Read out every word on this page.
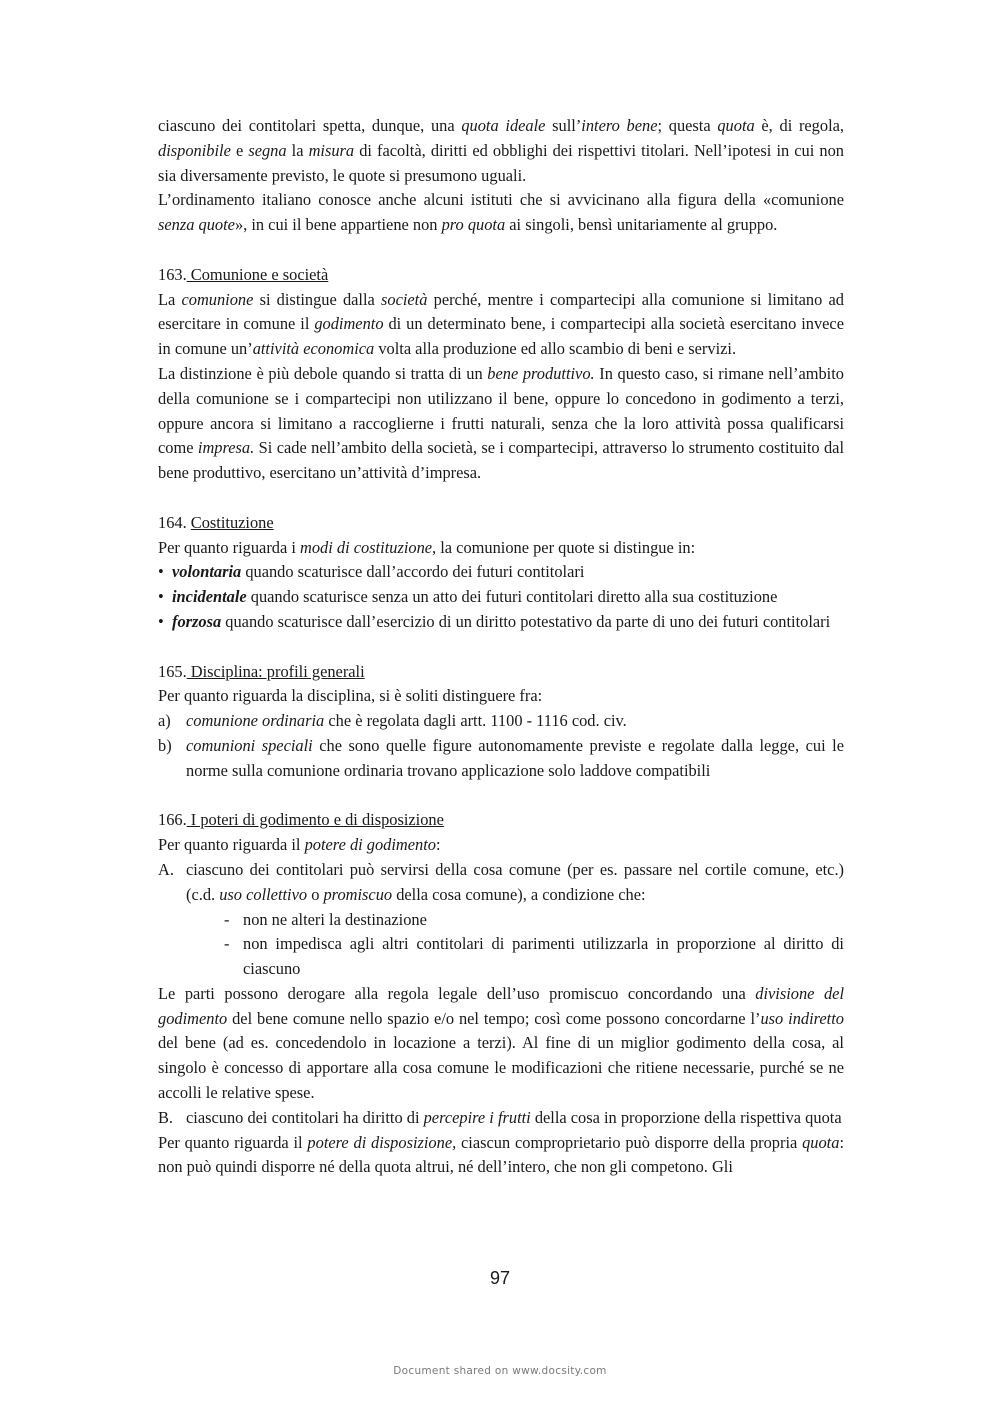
ciascuno dei contitolari spetta, dunque, una quota ideale sull’intero bene; questa quota è, di regola, disponibile e segna la misura di facoltà, diritti ed obblighi dei rispettivi titolari. Nell’ipotesi in cui non sia diversamente previsto, le quote si presumono uguali.

L’ordinamento italiano conosce anche alcuni istituti che si avvicinano alla figura della «comunione senza quote», in cui il bene appartiene non pro quota ai singoli, bensì unitariamente al gruppo.

163. Comunione e società

La comunione si distingue dalla società perché, mentre i compartecipi alla comunione si limitano ad esercitare in comune il godimento di un determinato bene, i compartecipi alla società esercitano invece in comune un’attività economica volta alla produzione ed allo scambio di beni e servizi.

La distinzione è più debole quando si tratta di un bene produttivo. In questo caso, si rimane nell’ambito della comunione se i compartecipi non utilizzano il bene, oppure lo concedono in godimento a terzi, oppure ancora si limitano a raccoglierne i frutti naturali, senza che la loro attività possa qualificarsi come impresa. Si cade nell’ambito della società, se i compartecipi, attraverso lo strumento costituito dal bene produttivo, esercitano un’attività d’impresa.

164. Costituzione

Per quanto riguarda i modi di costituzione, la comunione per quote si distingue in:

• volontaria quando scaturisce dall’accordo dei futuri contitolari
• incidentale quando scaturisce senza un atto dei futuri contitolari diretto alla sua costituzione
• forzosa quando scaturisce dall’esercizio di un diritto potestativo da parte di uno dei futuri contitolari

165. Disciplina: profili generali

Per quanto riguarda la disciplina, si è soliti distinguere fra:

a) comunione ordinaria che è regolata dagli artt. 1100 - 1116 cod. civ.
b) comunioni speciali che sono quelle figure autonomamente previste e regolate dalla legge, cui le norme sulla comunione ordinaria trovano applicazione solo laddove compatibili

166. I poteri di godimento e di disposizione

Per quanto riguarda il potere di godimento:

A. ciascuno dei contitolari può servirsi della cosa comune (per es. passare nel cortile comune, etc.) (c.d. uso collettivo o promiscuo della cosa comune), a condizione che:
- non ne alteri la destinazione
- non impedisca agli altri contitolari di parimenti utilizzarla in proporzione al diritto di ciascuno

Le parti possono derogare alla regola legale dell’uso promiscuo concordando una divisione del godimento del bene comune nello spazio e/o nel tempo; così come possono concordarne l’uso indiretto del bene (ad es. concedendolo in locazione a terzi). Al fine di un miglior godimento della cosa, al singolo è concesso di apportare alla cosa comune le modificazioni che ritiene necessarie, purché se ne accolli le relative spese.

B. ciascuno dei contitolari ha diritto di percepire i frutti della cosa in proporzione della rispettiva quota

Per quanto riguarda il potere di disposizione, ciascun comproprietario può disporre della propria quota: non può quindi disporre né della quota altrui, né dell’intero, che non gli competono. Gli

97
Document shared on www.docsity.com
